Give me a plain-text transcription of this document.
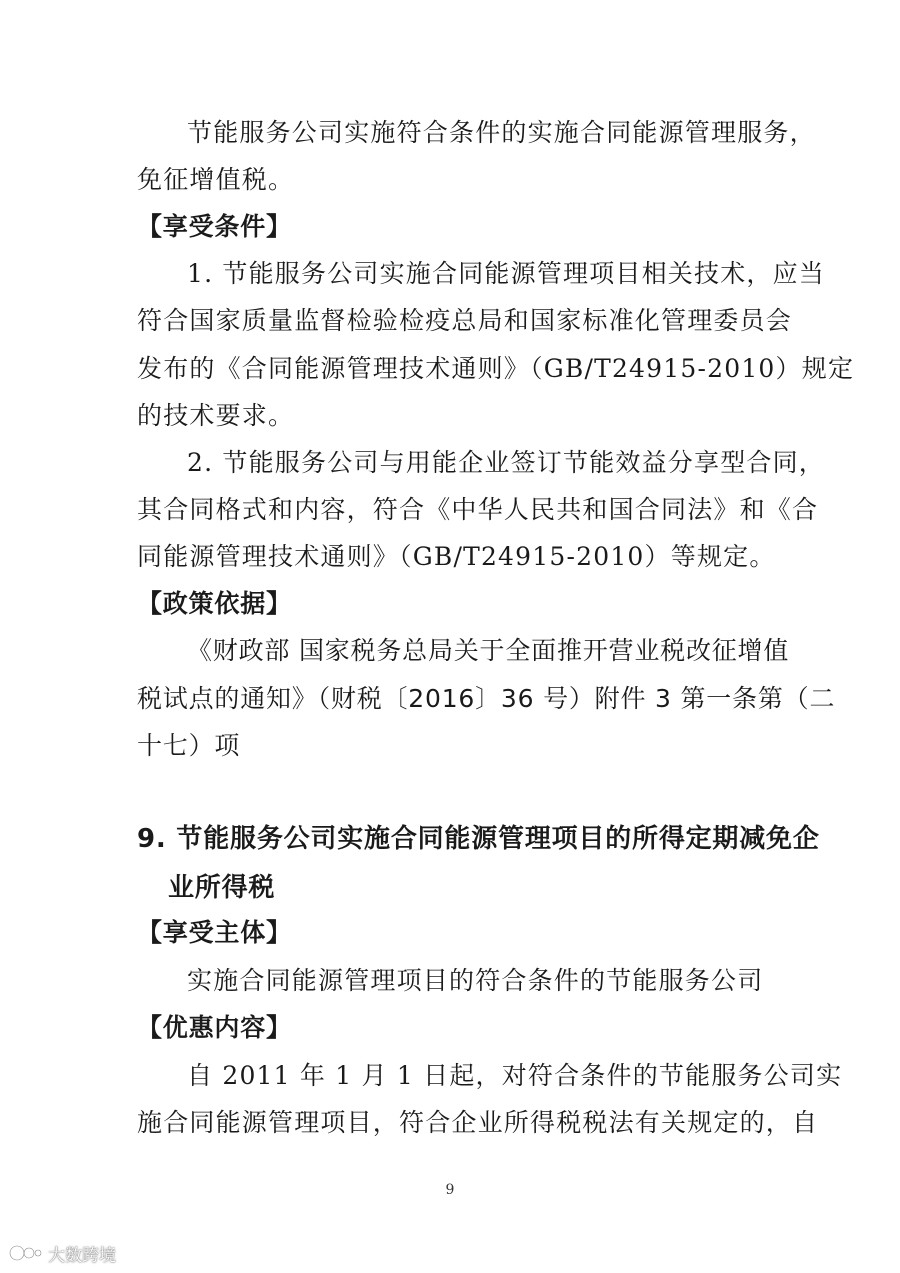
节能服务公司实施符合条件的实施合同能源管理服务，
免征增值税。
【享受条件】
1. 节能服务公司实施合同能源管理项目相关技术，应当
符合国家质量监督检验检疫总局和国家标准化管理委员会
发布的《合同能源管理技术通则》（GB/T24915-2010）规定
的技术要求。
2. 节能服务公司与用能企业签订节能效益分享型合同，
其合同格式和内容，符合《中华人民共和国合同法》和《合
同能源管理技术通则》（GB/T24915-2010）等规定。
【政策依据】
《财政部 国家税务总局关于全面推开营业税改征增值
税试点的通知》（财税〔2016〕36 号）附件 3 第一条第（二
十七）项
9. 节能服务公司实施合同能源管理项目的所得定期减免企
业所得税
【享受主体】
实施合同能源管理项目的符合条件的节能服务公司
【优惠内容】
自 2011 年 1 月 1 日起，对符合条件的节能服务公司实
施合同能源管理项目，符合企业所得税税法有关规定的，自
9
大数跨境
